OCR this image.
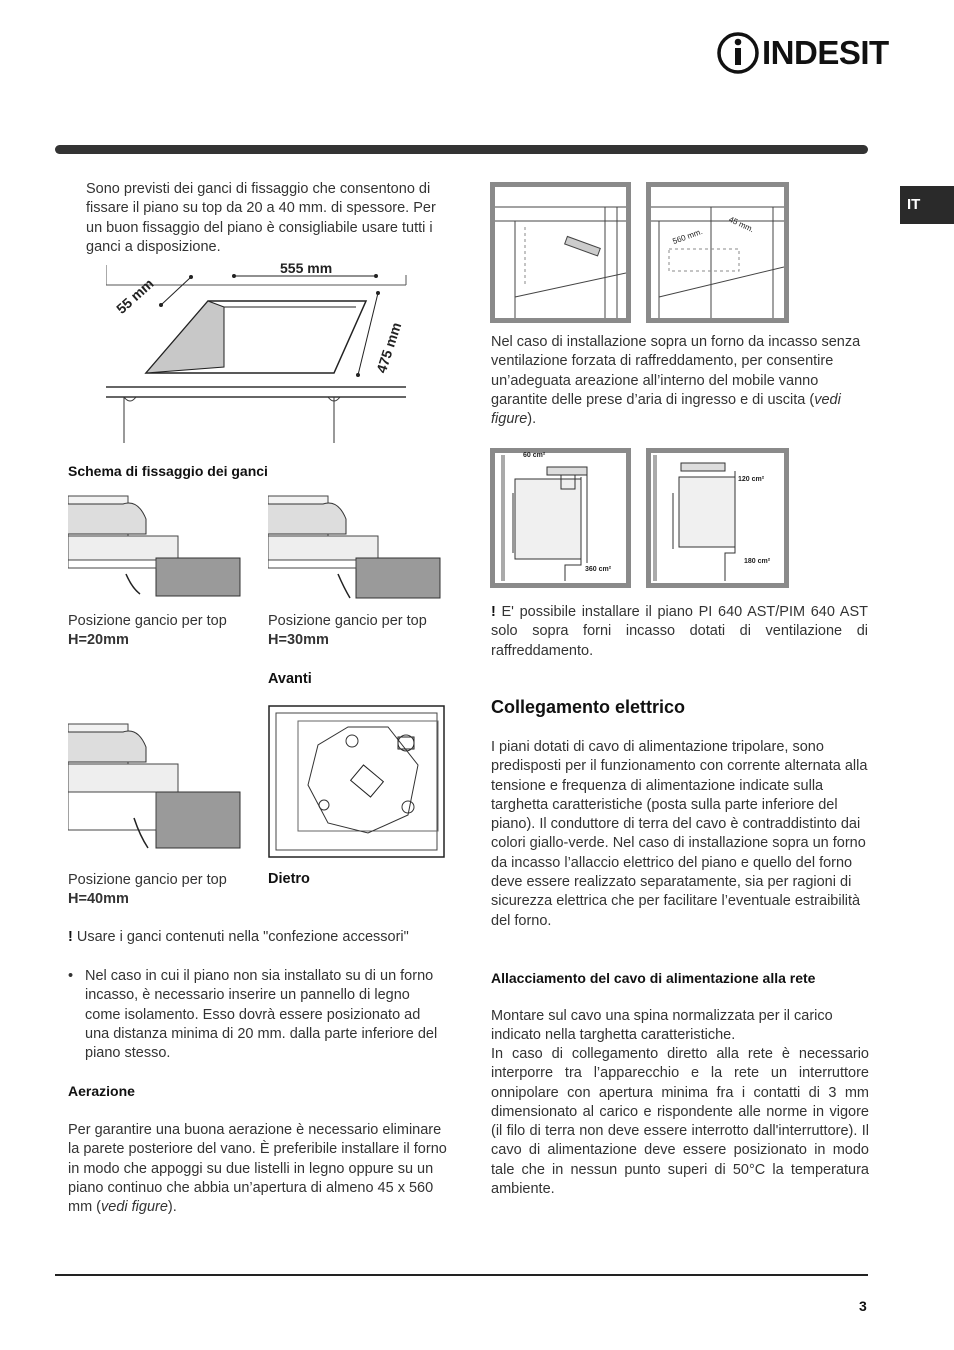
INDESIT
IT

Sono previsti dei ganci di fissaggio che consentono di fissare il piano su top da 20 a 40 mm. di spessore. Per un buon fissaggio del piano è consigliabile usare tutti i ganci a disposizione.

555 mm
55 mm
475 mm
Schema di fissaggio dei ganci
Posizione gancio per top H=20mm
Posizione gancio per top H=30mm
Avanti
Posizione gancio per top H=40mm
Dietro
! Usare i ganci contenuti nella "confezione accessori"
• Nel caso in cui il piano non sia installato su di un forno incasso, è necessario inserire un pannello di legno come isolamento. Esso dovrà essere posizionato ad una distanza minima di 20 mm. dalla parte inferiore del piano stesso.

Aerazione

Per garantire una buona aerazione è necessario eliminare la parete posteriore del vano. È preferibile installare il forno in modo che appoggi su due listelli in legno oppure su un piano continuo che abbia un’apertura di almeno 45 x 560 mm (vedi figure).

560 mm.
45 mm.

Nel caso di installazione sopra un forno da incasso senza ventilazione forzata di raffreddamento, per consentire un’adeguata areazione all’interno del mobile vanno garantite delle prese d’aria di ingresso e di uscita (vedi figure).

60 cm²
360 cm²
120 cm²
180 cm²

! E' possibile installare il piano PI 640 AST/PIM 640 AST solo sopra forni incasso dotati di ventilazione di raffreddamento.

Collegamento elettrico

I piani dotati di cavo di alimentazione tripolare, sono predisposti per il funzionamento con corrente alternata alla tensione e frequenza di alimentazione indicate sulla targhetta caratteristiche (posta sulla parte inferiore del piano). Il conduttore di terra del cavo è contraddistinto dai colori giallo-verde. Nel caso di installazione sopra un forno da incasso l’allaccio elettrico del piano e quello del forno deve essere realizzato separatamente, sia per ragioni di sicurezza elettrica che per facilitare l’eventuale estraibilità del forno.

Allacciamento del cavo di alimentazione alla rete

Montare sul cavo una spina normalizzata per il carico indicato nella targhetta caratteristiche.

In caso di collegamento diretto alla rete è necessario interporre tra l’apparecchio e la rete un interruttore onnipolare con apertura minima fra i contatti di 3 mm dimensionato al carico e rispondente alle norme in vigore (il filo di terra non deve essere interrotto dall'interruttore). Il cavo di alimentazione deve essere posizionato in modo tale che in nessun punto superi di 50°C la temperatura ambiente.

3
